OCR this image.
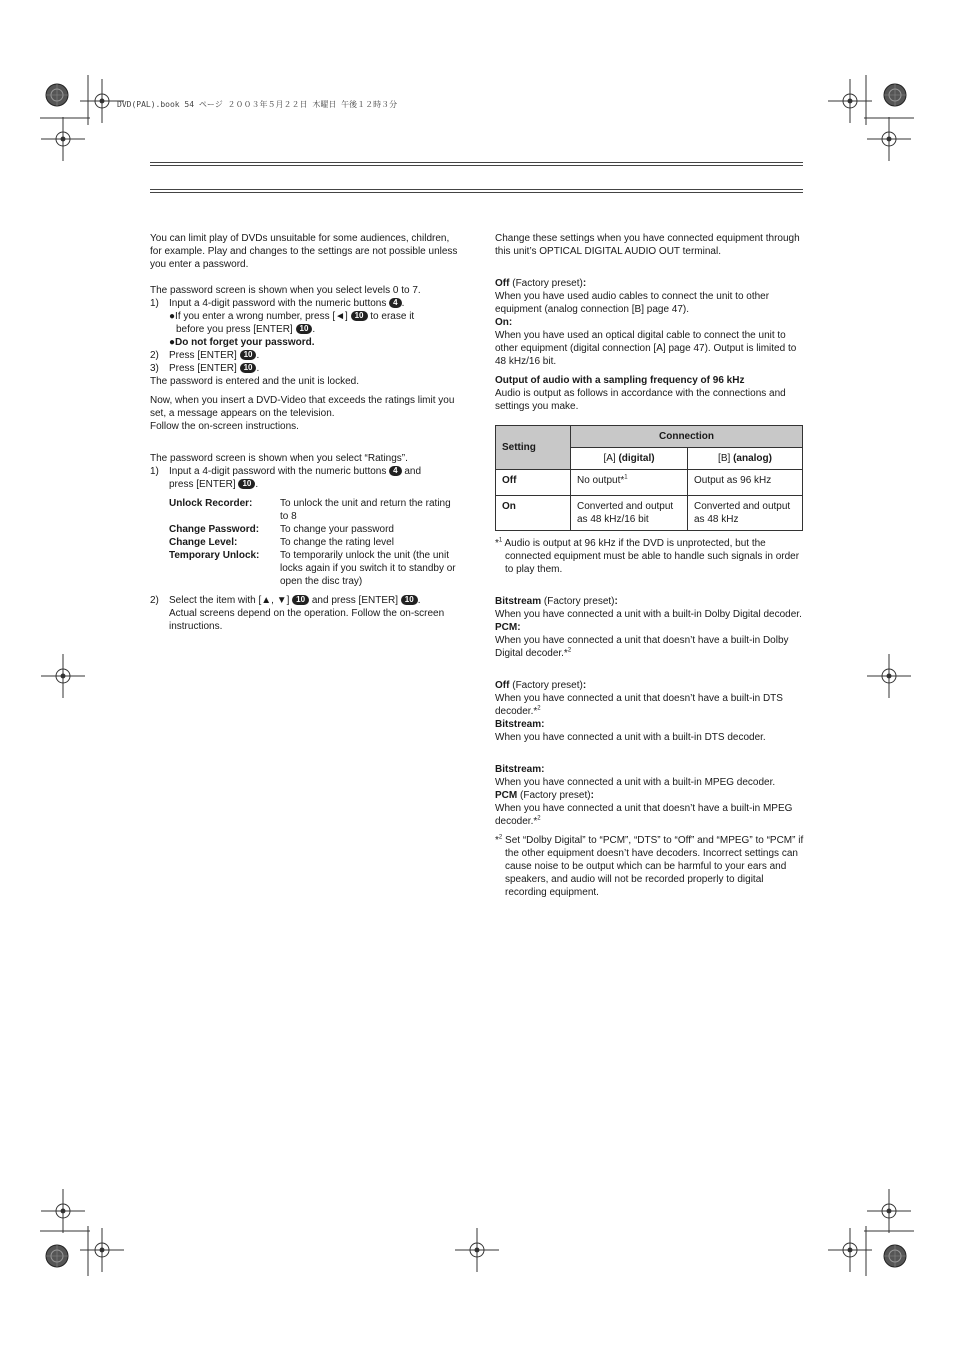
DVD(PAL).book 54 ページ ２００３年５月２２日 木曜日 午後１２時３分

You can limit play of DVDs unsuitable for some audiences, children, for example. Play and changes to the settings are not possible unless you enter a password.

The password screen is shown when you select levels 0 to 7.

1) Input a 4-digit password with the numeric buttons 4 .

●If you enter a wrong number, press [◄] 10 to erase it

before you press [ENTER] 10 .

●Do not forget your password.

2) Press [ENTER] 10 .

3) Press [ENTER] 10 .

The password is entered and the unit is locked.

Now, when you insert a DVD-Video that exceeds the ratings limit you set, a message appears on the television.

Follow the on-screen instructions.

The password screen is shown when you select “Ratings”.

1) Input a 4-digit password with the numeric buttons 4 and

press [ENTER] 10 .

Unlock Recorder:	To unlock the unit and return the rating to 8
Change Password:	To change your password
Change Level:	To change the rating level
Temporary Unlock:	To temporarily unlock the unit (the unit locks again if you switch it to standby or open the disc tray)

2) Select the item with [▲, ▼] 10 and press [ENTER] 10 .

Actual screens depend on the operation. Follow the on-screen instructions.

Change these settings when you have connected equipment through this unit’s OPTICAL DIGITAL AUDIO OUT terminal.

Off (Factory preset):

When you have used audio cables to connect the unit to other equipment (analog connection [B] page 47).

On:

When you have used an optical digital cable to connect the unit to other equipment (digital connection [A] page 47). Output is limited to 48 kHz/16 bit.

Output of audio with a sampling frequency of 96 kHz

Audio is output as follows in accordance with the connections and settings you make.

Setting	Connection	
	[A] (digital)	[B] (analog)
Off	No output*$^1$	Output as 96 kHz
On	Converted and output as 48 kHz/16 bit	Converted and output as 48 kHz

*$^1$ Audio is output at 96 kHz if the DVD is unprotected, but the connected equipment must be able to handle such signals in order to play them.

Bitstream (Factory preset):

When you have connected a unit with a built-in Dolby Digital decoder.

PCM:

When you have connected a unit that doesn’t have a built-in Dolby Digital decoder.*$^2$

Off (Factory preset):

When you have connected a unit that doesn’t have a built-in DTS decoder.*$^2$

Bitstream:

When you have connected a unit with a built-in DTS decoder.

Bitstream:

When you have connected a unit with a built-in MPEG decoder.

PCM (Factory preset):

When you have connected a unit that doesn’t have a built-in MPEG decoder.*$^2$

*$^2$ Set “Dolby Digital” to “PCM”, “DTS” to “Off” and “MPEG” to “PCM” if the other equipment doesn’t have decoders. Incorrect settings can cause noise to be output which can be harmful to your ears and speakers, and audio will not be recorded properly to digital recording equipment.
